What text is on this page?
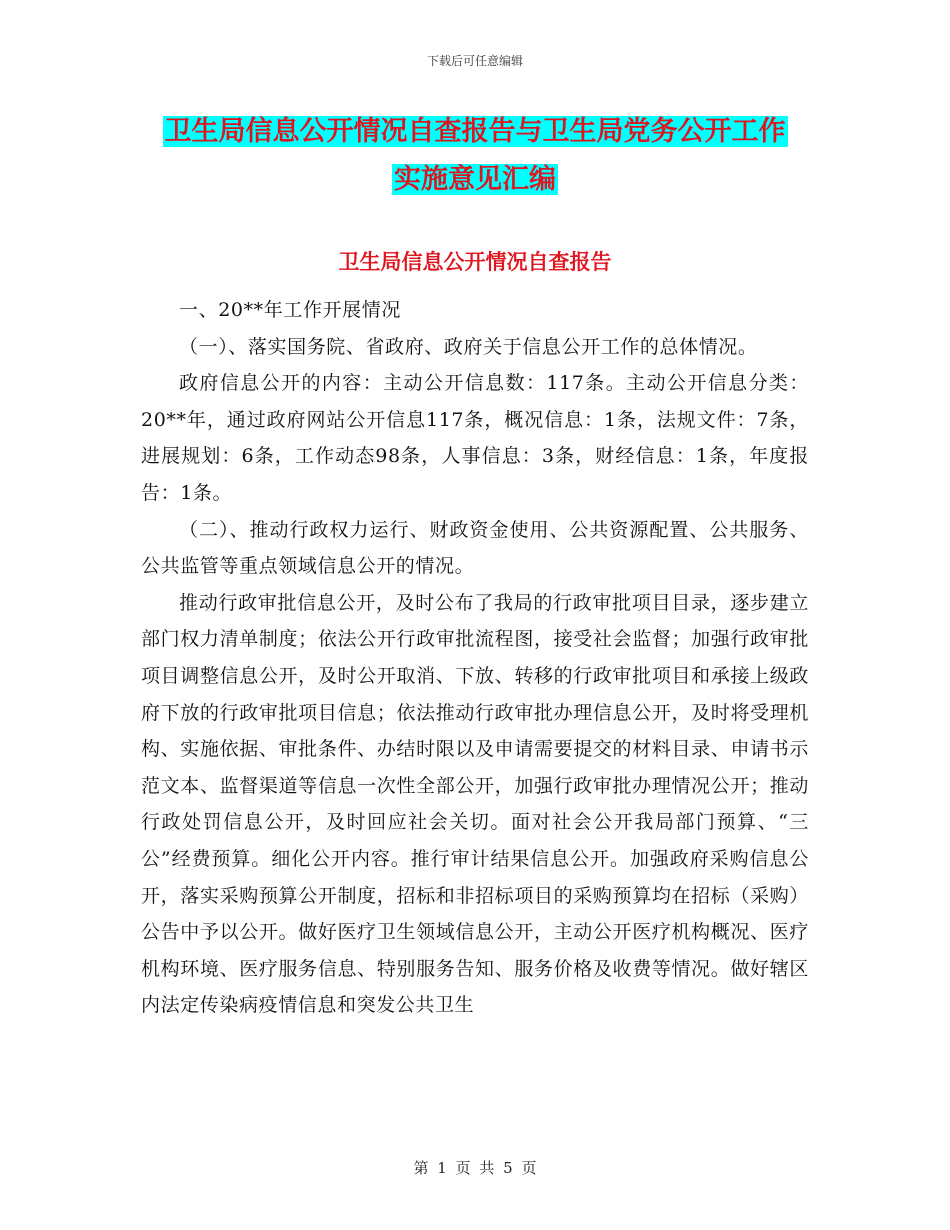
下载后可任意编辑
卫生局信息公开情况自查报告与卫生局党务公开工作
实施意见汇编
卫生局信息公开情况自查报告

一、20**年工作开展情况

（一）、落实国务院、省政府、政府关于信息公开工作的总体情况。

政府信息公开的内容：主动公开信息数：117条。主动公开信息分类：20**年，通过政府网站公开信息117条，概况信息：1条，法规文件：7条，进展规划：6条，工作动态98条，人事信息：3条，财经信息：1条，年度报告：1条。

（二）、推动行政权力运行、财政资金使用、公共资源配置、公共服务、公共监管等重点领域信息公开的情况。

推动行政审批信息公开，及时公布了我局的行政审批项目目录，逐步建立部门权力清单制度；依法公开行政审批流程图，接受社会监督；加强行政审批项目调整信息公开，及时公开取消、下放、转移的行政审批项目和承接上级政府下放的行政审批项目信息；依法推动行政审批办理信息公开，及时将受理机构、实施依据、审批条件、办结时限以及申请需要提交的材料目录、申请书示范文本、监督渠道等信息一次性全部公开，加强行政审批办理情况公开；推动行政处罚信息公开，及时回应社会关切。面对社会公开我局部门预算、“三公”经费预算。细化公开内容。推行审计结果信息公开。加强政府采购信息公开，落实采购预算公开制度，招标和非招标项目的采购预算均在招标（采购）公告中予以公开。做好医疗卫生领域信息公开，主动公开医疗机构概况、医疗机构环境、医疗服务信息、特别服务告知、服务价格及收费等情况。做好辖区内法定传染病疫情信息和突发公共卫生

第 1 页 共 5 页
